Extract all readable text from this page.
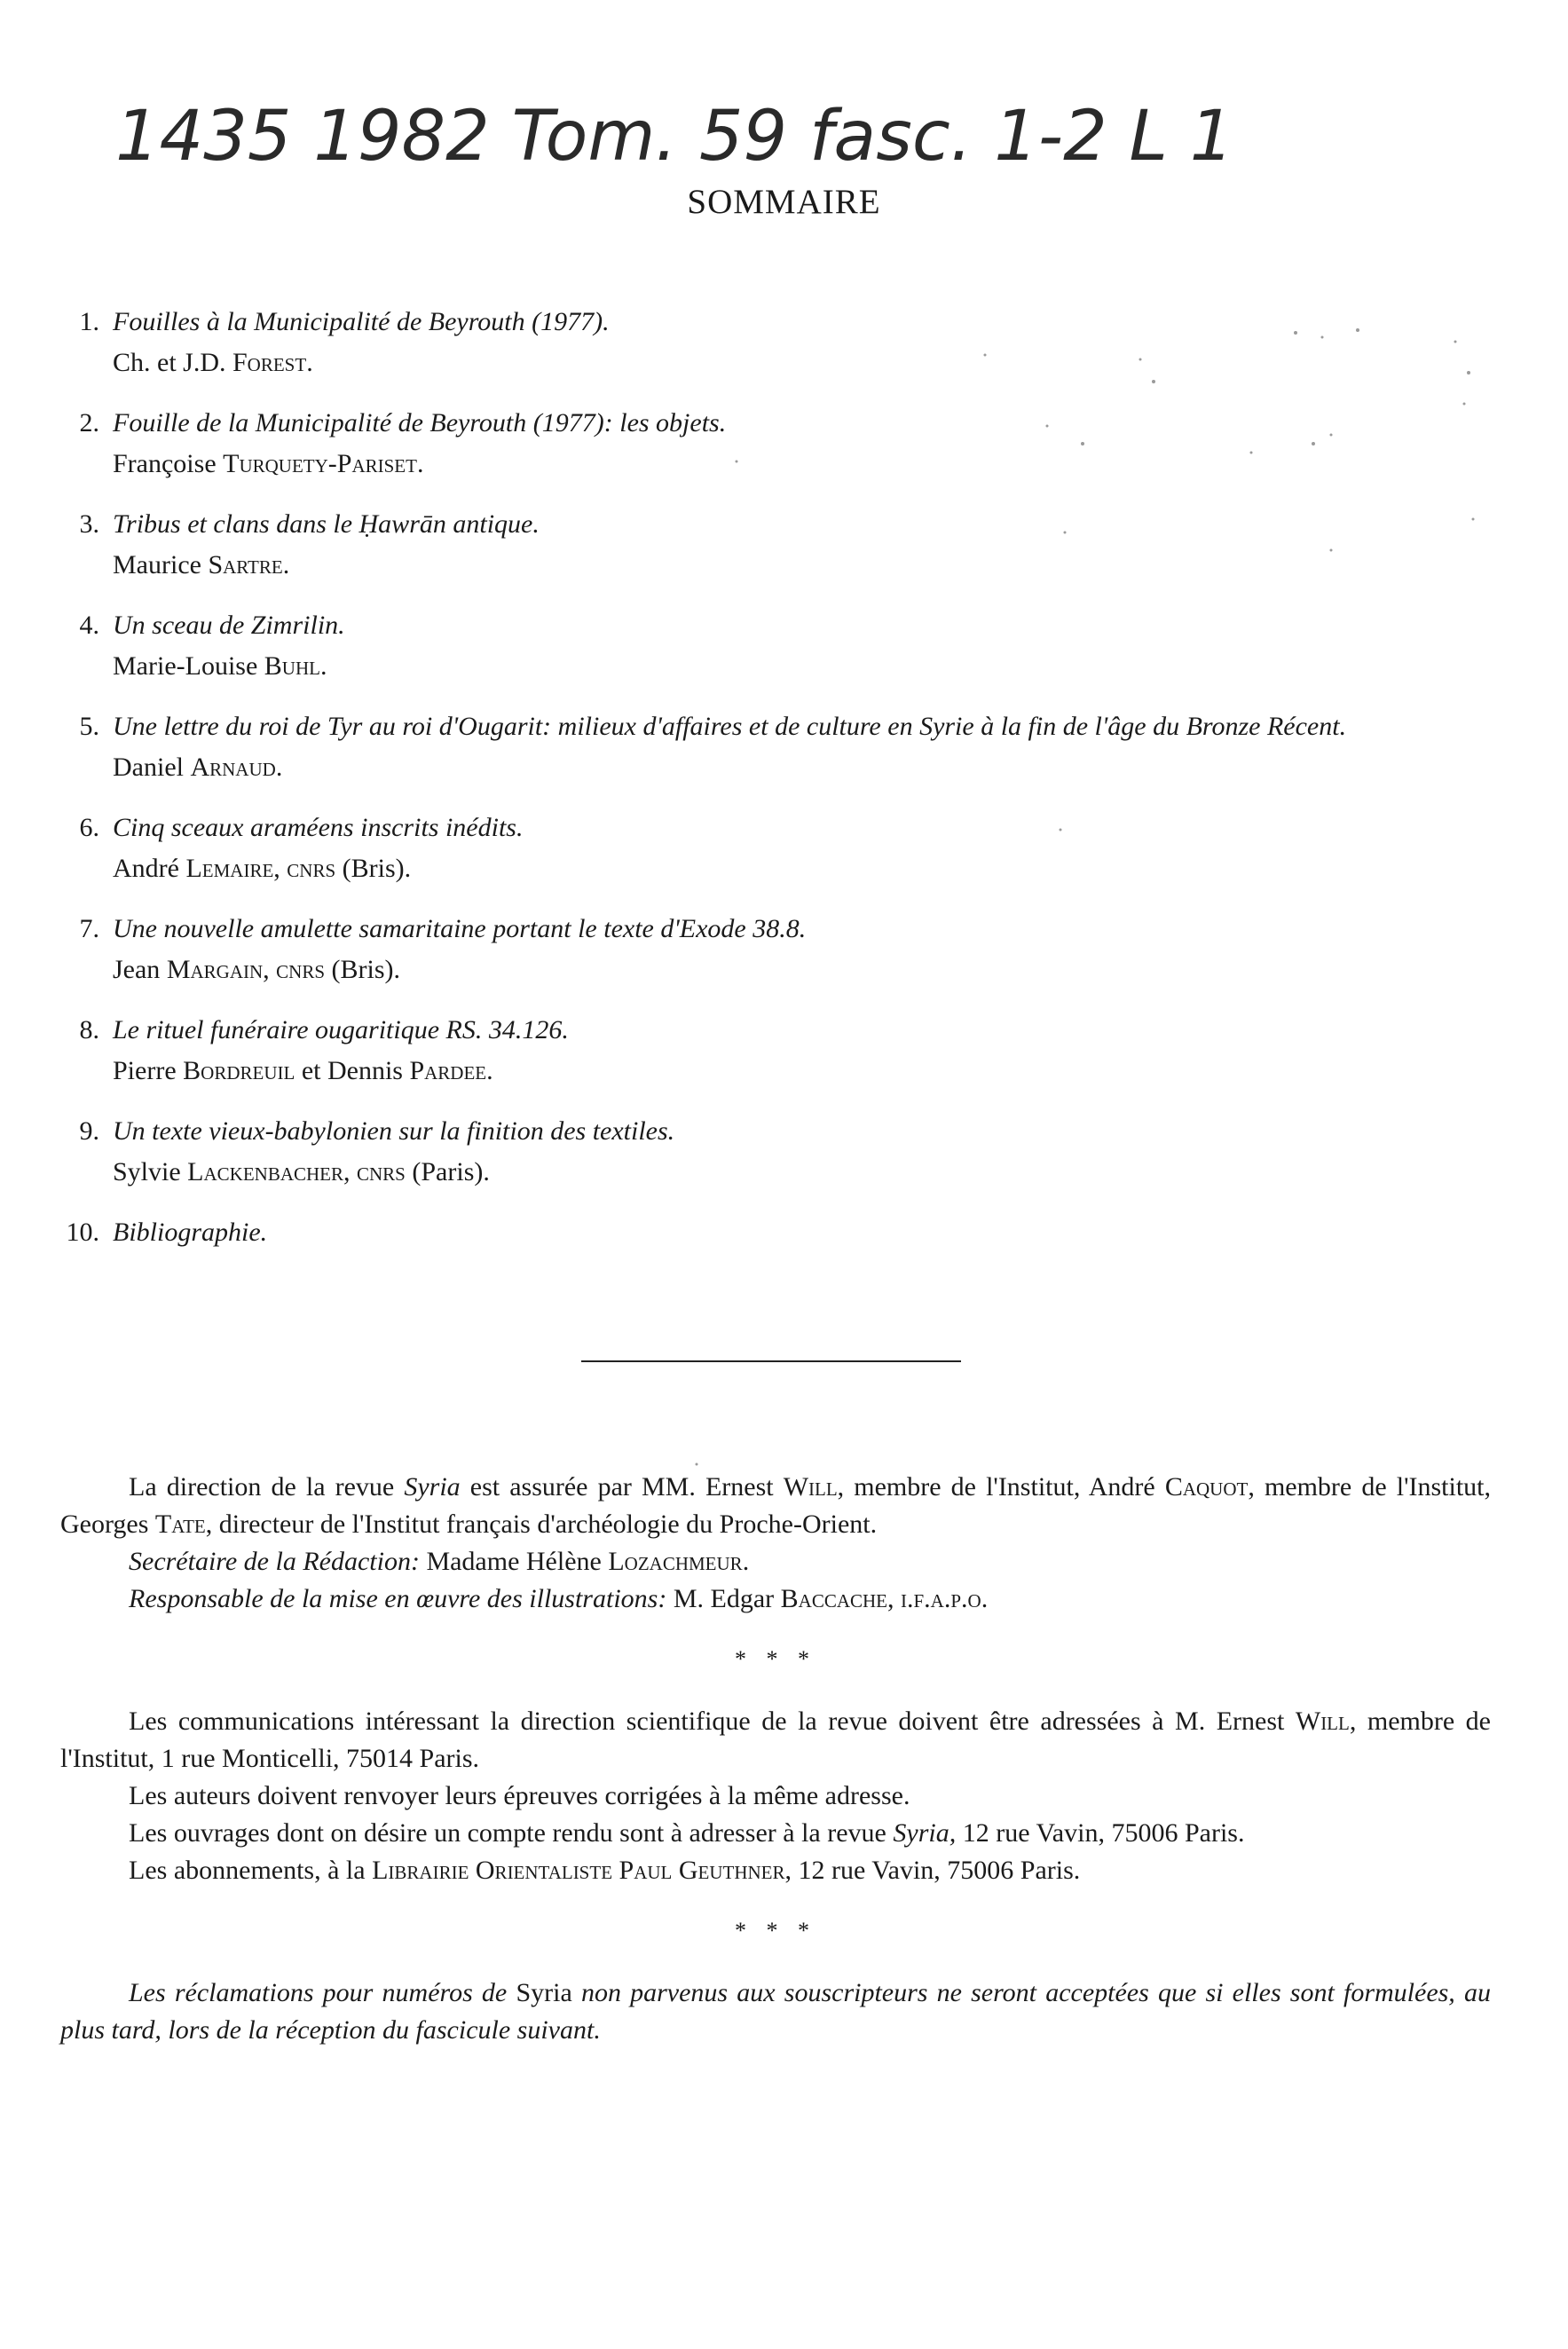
1435 1982 Tom. 59 fasc. 1-2 L 1
SOMMAIRE
1. Fouilles à la Municipalité de Beyrouth (1977).
Ch. et J.D. Forest.
2. Fouille de la Municipalité de Beyrouth (1977): les objets.
Françoise Turquety-Pariset.
3. Tribus et clans dans le Ḥawrān antique.
Maurice Sartre.
4. Un sceau de Zimrilin.
Marie-Louise Buhl.
5. Une lettre du roi de Tyr au roi d'Ougarit: milieux d'affaires et de culture en Syrie à la fin de l'âge du Bronze Récent.
Daniel Arnaud.
6. Cinq sceaux araméens inscrits inédits.
André Lemaire, cnrs (Bris).
7. Une nouvelle amulette samaritaine portant le texte d'Exode 38.8.
Jean Margain, cnrs (Bris).
8. Le rituel funéraire ougaritique RS. 34.126.
Pierre Bordreuil et Dennis Pardee.
9. Un texte vieux-babylonien sur la finition des textiles.
Sylvie Lackenbacher, cnrs (Paris).
10. Bibliographie.

La direction de la revue Syria est assurée par MM. Ernest Will, membre de l'Institut, André Caquot, membre de l'Institut, Georges Tate, directeur de l'Institut français d'archéologie du Proche-Orient.

Secrétaire de la Rédaction: Madame Hélène Lozachmeur.

Responsable de la mise en œuvre des illustrations: M. Edgar Baccache, i.f.a.p.o.

* * *

Les communications intéressant la direction scientifique de la revue doivent être adressées à M. Ernest Will, membre de l'Institut, 1 rue Monticelli, 75014 Paris.

Les auteurs doivent renvoyer leurs épreuves corrigées à la même adresse.

Les ouvrages dont on désire un compte rendu sont à adresser à la revue Syria, 12 rue Vavin, 75006 Paris.

Les abonnements, à la Librairie Orientaliste Paul Geuthner, 12 rue Vavin, 75006 Paris.

* * *

Les réclamations pour numéros de Syria non parvenus aux souscripteurs ne seront acceptées que si elles sont formulées, au plus tard, lors de la réception du fascicule suivant.
